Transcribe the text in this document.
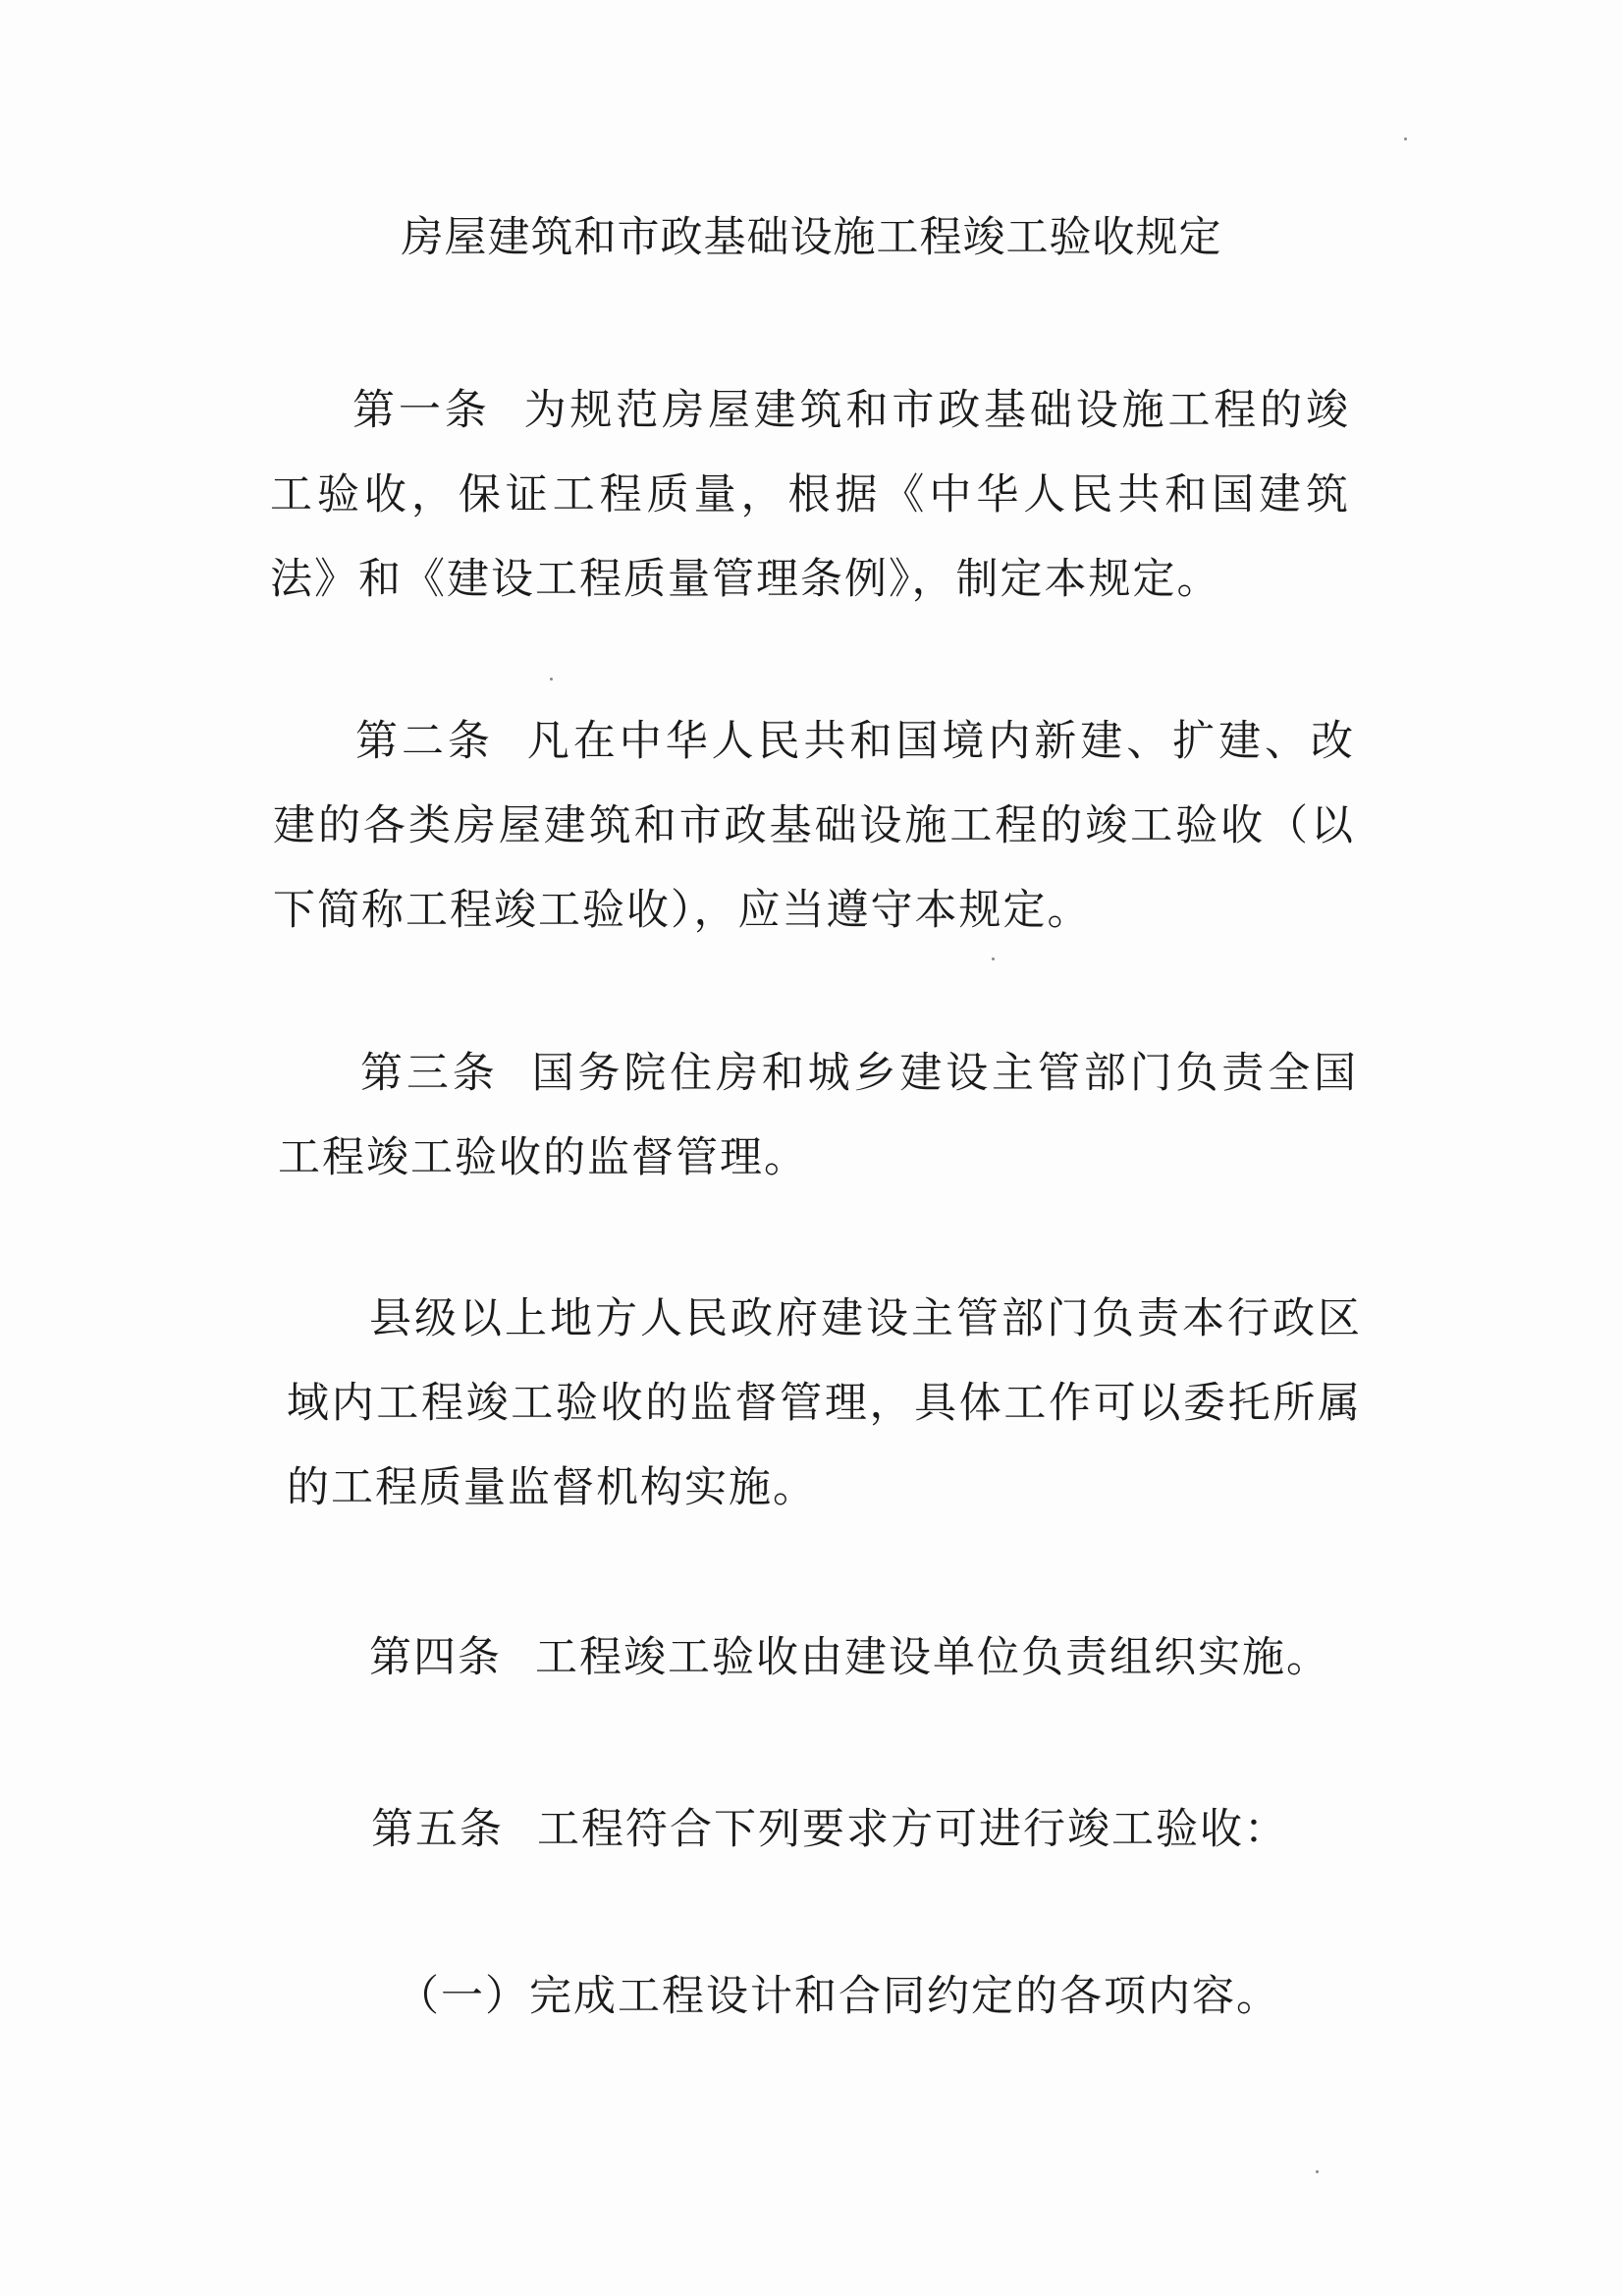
房屋建筑和市政基础设施工程竣工验收规定
第一条 为规范房屋建筑和市政基础设施工程的竣工验收，保证工程质量，根据《中华人民共和国建筑法》和《建设工程质量管理条例》，制定本规定。
第二条 凡在中华人民共和国境内新建、扩建、改建的各类房屋建筑和市政基础设施工程的竣工验收（以下简称工程竣工验收），应当遵守本规定。
第三条 国务院住房和城乡建设主管部门负责全国工程竣工验收的监督管理。
县级以上地方人民政府建设主管部门负责本行政区域内工程竣工验收的监督管理，具体工作可以委托所属的工程质量监督机构实施。
第四条 工程竣工验收由建设单位负责组织实施。
第五条 工程符合下列要求方可进行竣工验收：
（一）完成工程设计和合同约定的各项内容。
